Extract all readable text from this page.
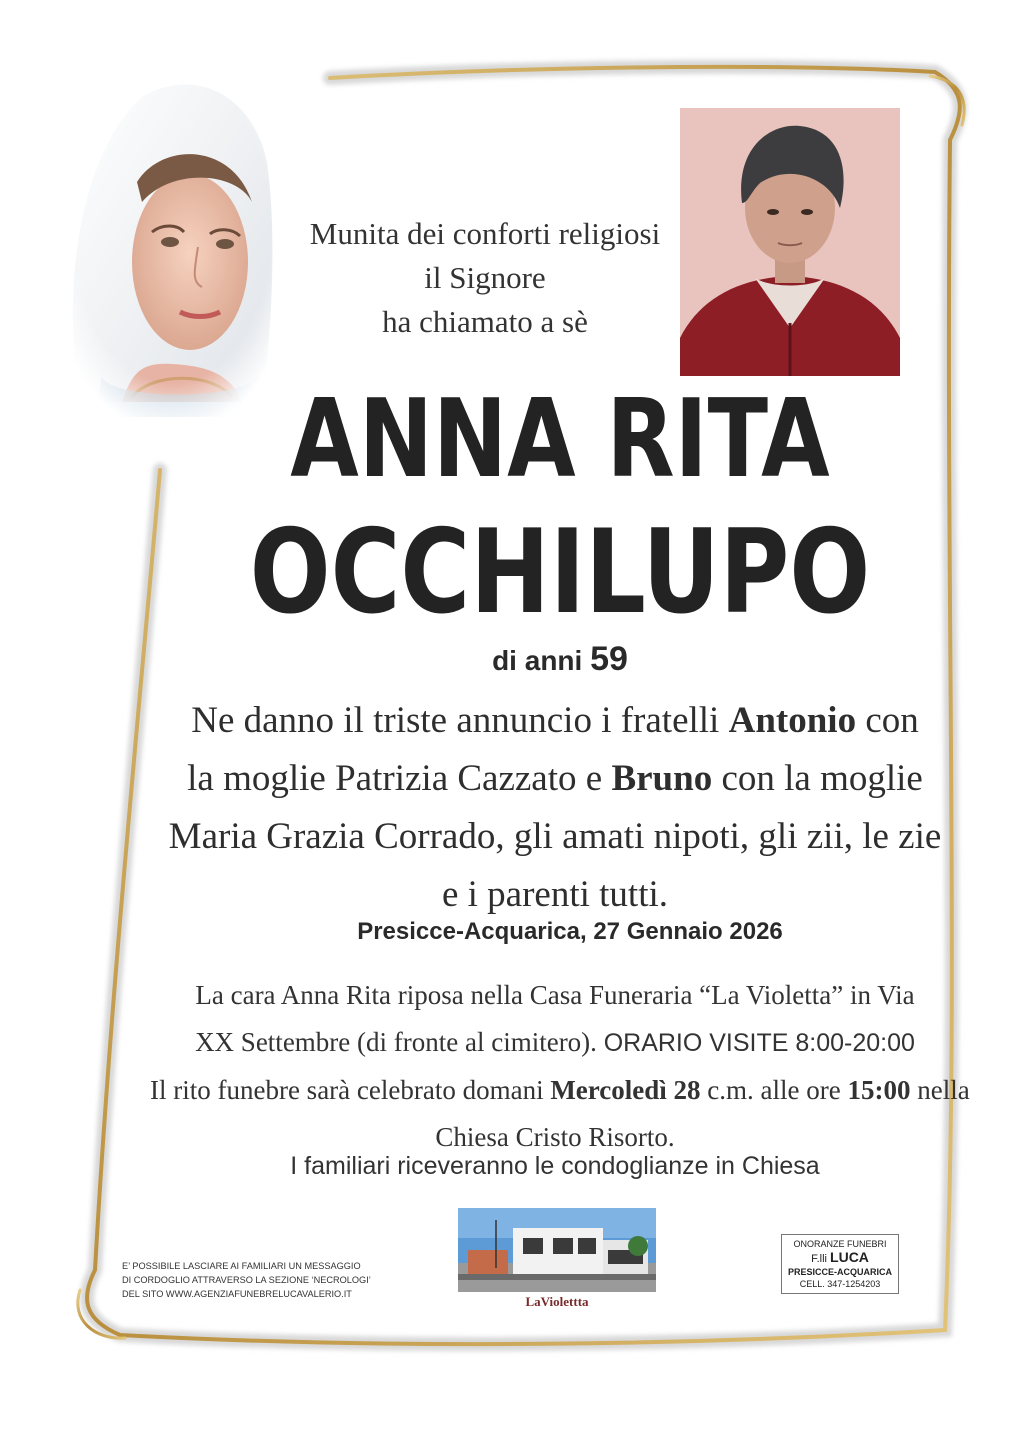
Munita dei conforti religiosi
il Signore
ha chiamato a sè
ANNA RITA
OCCHILUPO
di anni 59
Ne danno il triste annuncio i fratelli Antonio con
la moglie Patrizia Cazzato e Bruno con la moglie
Maria Grazia Corrado, gli amati nipoti, gli zii, le zie
e i parenti tutti.
Presicce-Acquarica, 27 Gennaio 2026
La cara Anna Rita riposa nella Casa Funeraria “La Violetta” in Via
XX Settembre (di fronte al cimitero). ORARIO VISITE 8:00-20:00
Il rito funebre sarà celebrato domani Mercoledì 28 c.m. alle ore 15:00 nella
Chiesa Cristo Risorto.
I familiari riceveranno le condoglianze in Chiesa
E’ POSSIBILE LASCIARE AI FAMILIARI UN MESSAGGIO
DI CORDOGLIO ATTRAVERSO LA SEZIONE ‘NECROLOGI’
DEL SITO WWW.AGENZIAFUNEBRELUCAVALERIO.IT	LaViolettta
ONORANZE FUNEBRI
F.lli LUCA
PRESICCE-ACQUARICA
CELL. 347-1254203
